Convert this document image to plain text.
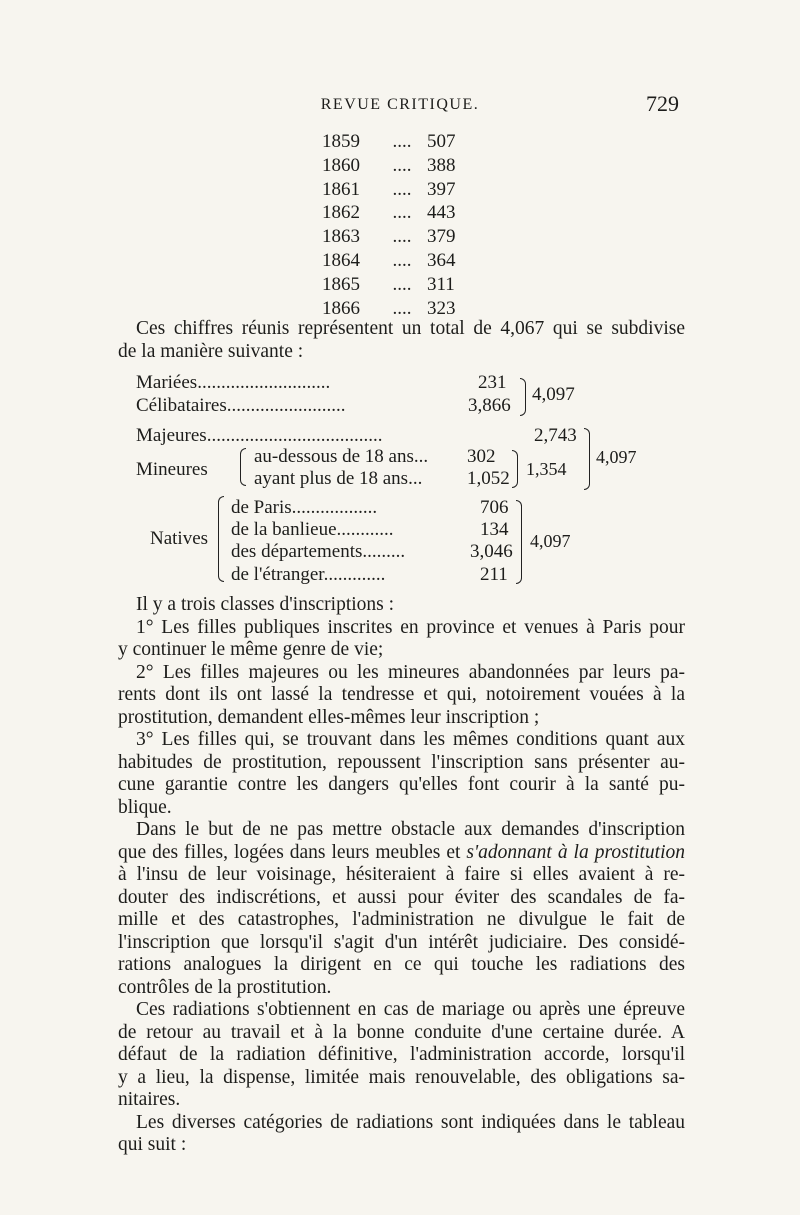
REVUE CRITIQUE.	729
1859	.... 507
1860	.... 388
1861	.... 397
1862	.... 443
1863	.... 379
1864	.... 364
1865	.... 311
1866	.... 323
Ces chiffres réunis représentent un total de 4,067 qui se subdivise
de la manière suivante :
Mariées............................	231
Célibataires.........................	3,866
4,097
Majeures.....................................	2,743
Mineures
au-dessous de 18 ans... 302
ayant plus de 18 ans... 1,052 1,354
4,097
Natives
de Paris..................	706
de la banlieue............	134
des départements.........	3,046
de l'étranger.............	211
4,097
Il y a trois classes d'inscriptions :
1° Les filles publiques inscrites en province et venues à Paris pour
y continuer le même genre de vie;
2° Les filles majeures ou les mineures abandonnées par leurs pa-
rents dont ils ont lassé la tendresse et qui, notoirement vouées à la
prostitution, demandent elles-mêmes leur inscription ;
3° Les filles qui, se trouvant dans les mêmes conditions quant aux
habitudes de prostitution, repoussent l'inscription sans présenter au-
cune garantie contre les dangers qu'elles font courir à la santé pu-
blique.
Dans le but de ne pas mettre obstacle aux demandes d'inscription
que des filles, logées dans leurs meubles et s'adonnant à la prostitution
à l'insu de leur voisinage, hésiteraient à faire si elles avaient à re-
douter des indiscrétions, et aussi pour éviter des scandales de fa-
mille et des catastrophes, l'administration ne divulgue le fait de
l'inscription que lorsqu'il s'agit d'un intérêt judiciaire. Des considé-
rations analogues la dirigent en ce qui touche les radiations des
contrôles de la prostitution.
Ces radiations s'obtiennent en cas de mariage ou après une épreuve
de retour au travail et à la bonne conduite d'une certaine durée. A
défaut de la radiation définitive, l'administration accorde, lorsqu'il
y a lieu, la dispense, limitée mais renouvelable, des obligations sa-
nitaires.
Les diverses catégories de radiations sont indiquées dans le tableau
qui suit :
